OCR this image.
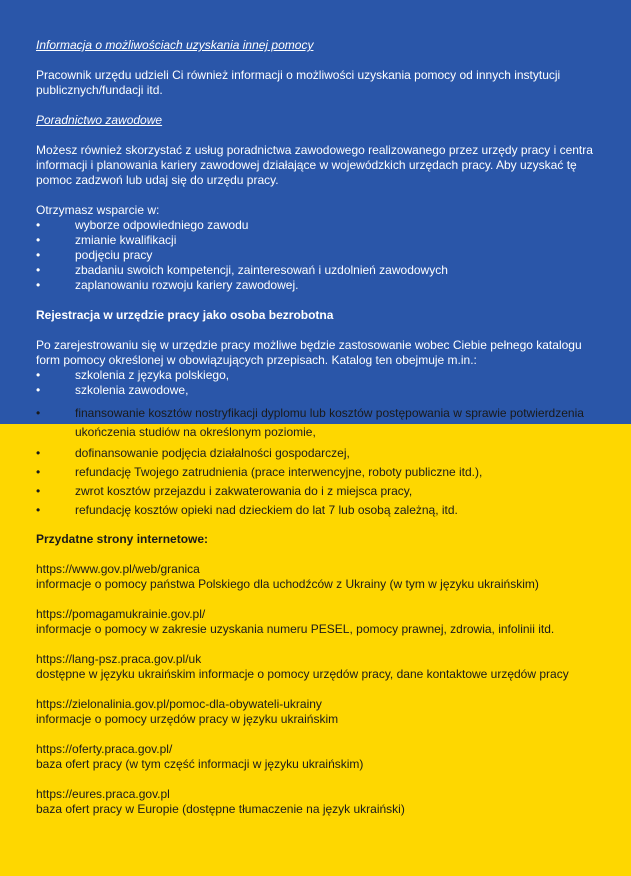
Informacja o możliwościach uzyskania innej pomocy

Pracownik urzędu udzieli Ci również informacji o możliwości uzyskania pomocy od innych instytucji publicznych/fundacji itd.

Poradnictwo zawodowe

Możesz również skorzystać z usług poradnictwa zawodowego realizowanego przez urzędy pracy i centra informacji i planowania kariery zawodowej działające w wojewódzkich urzędach pracy. Aby uzyskać tę pomoc zadzwoń lub udaj się do urzędu pracy.

Otrzymasz wsparcie w:

• wyborze odpowiedniego zawodu
• zmianie kwalifikacji
• podjęciu pracy
• zbadaniu swoich kompetencji, zainteresowań i uzdolnień zawodowych
• zaplanowaniu rozwoju kariery zawodowej.

Rejestracja w urzędzie pracy jako osoba bezrobotna

Po zarejestrowaniu się w urzędzie pracy możliwe będzie zastosowanie wobec Ciebie pełnego katalogu form pomocy określonej w obowiązujących przepisach. Katalog ten obejmuje m.in.:

• szkolenia z języka polskiego,
• szkolenia zawodowe,
• finansowanie kosztów nostryfikacji dyplomu lub kosztów postępowania w sprawie potwierdzenia ukończenia studiów na określonym poziomie,
• dofinansowanie podjęcia działalności gospodarczej,
• refundację Twojego zatrudnienia (prace interwencyjne, roboty publiczne itd.),
• zwrot kosztów przejazdu i zakwaterowania do i z miejsca pracy,
• refundację kosztów opieki nad dzieckiem do lat 7 lub osobą zależną, itd.

Przydatne strony internetowe:

https://www.gov.pl/web/granica

informacje o pomocy państwa Polskiego dla uchodźców z Ukrainy (w tym w języku ukraińskim)

https://pomagamukrainie.gov.pl/

informacje o pomocy w zakresie uzyskania numeru PESEL, pomocy prawnej, zdrowia, infolinii itd.

https://lang-psz.praca.gov.pl/uk

dostępne w języku ukraińskim informacje o pomocy urzędów pracy, dane kontaktowe urzędów pracy

https://zielonalinia.gov.pl/pomoc-dla-obywateli-ukrainy

informacje o pomocy urzędów pracy w języku ukraińskim

https://oferty.praca.gov.pl/

baza ofert pracy (w tym część informacji w języku ukraińskim)

https://eures.praca.gov.pl

baza ofert pracy w Europie (dostępne tłumaczenie na język ukraiński)
